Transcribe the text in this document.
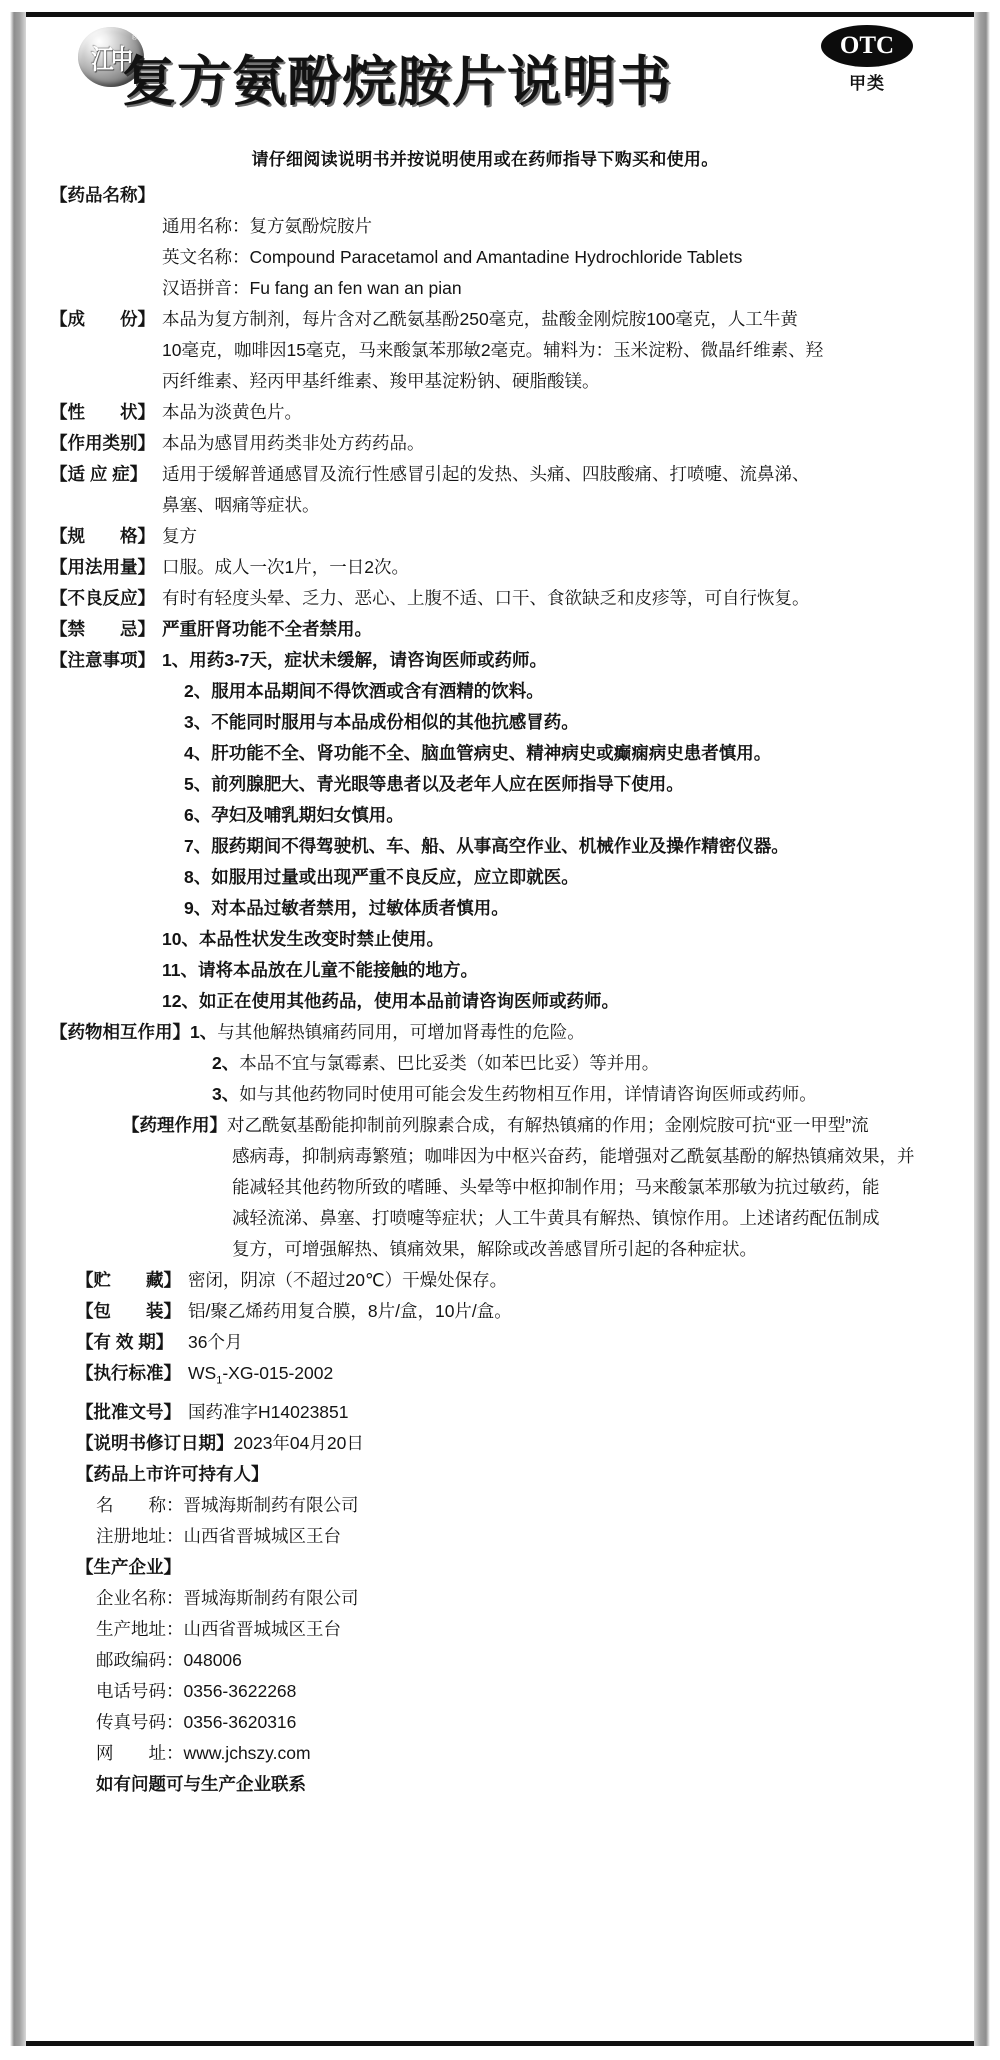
江中
®
复方氨酚烷胺片说明书
OTC
甲类
请仔细阅读说明书并按说明使用或在药师指导下购买和使用。
【药品名称】
通用名称： 复方氨酚烷胺片
英文名称： Compound Paracetamol and Amantadine Hydrochloride Tablets
汉语拼音： Fu fang an fen wan an pian
【成　　份】 本品为复方制剂，每片含对乙酰氨基酚250毫克，盐酸金刚烷胺100毫克，人工牛黄
10毫克，咖啡因15毫克，马来酸氯苯那敏2毫克。辅料为：玉米淀粉、微晶纤维素、羟
丙纤维素、羟丙甲基纤维素、羧甲基淀粉钠、硬脂酸镁。
【性　　状】 本品为淡黄色片。
【作用类别】 本品为感冒用药类非处方药药品。
【适 应 症】 适用于缓解普通感冒及流行性感冒引起的发热、头痛、四肢酸痛、打喷嚏、流鼻涕、
鼻塞、咽痛等症状。
【规　　格】 复方
【用法用量】 口服。成人一次1片，一日2次。
【不良反应】 有时有轻度头晕、乏力、恶心、上腹不适、口干、食欲缺乏和皮疹等，可自行恢复。
【禁　　忌】 严重肝肾功能不全者禁用。
【注意事项】 1、 用药3-7天，症状未缓解，请咨询医师或药师。
2、 服用本品期间不得饮酒或含有酒精的饮料。
3、 不能同时服用与本品成份相似的其他抗感冒药。
4、 肝功能不全、肾功能不全、脑血管病史、精神病史或癫痫病史患者慎用。
5、 前列腺肥大、青光眼等患者以及老年人应在医师指导下使用。
6、 孕妇及哺乳期妇女慎用。
7、 服药期间不得驾驶机、车、船、从事高空作业、机械作业及操作精密仪器。
8、 如服用过量或出现严重不良反应，应立即就医。
9、 对本品过敏者禁用，过敏体质者慎用。
10、 本品性状发生改变时禁止使用。
11、 请将本品放在儿童不能接触的地方。
12、 如正在使用其他药品，使用本品前请咨询医师或药师。
【药物相互作用】 1、 与其他解热镇痛药同用，可增加肾毒性的危险。
2、 本品不宜与氯霉素、巴比妥类（如苯巴比妥）等并用。
3、 如与其他药物同时使用可能会发生药物相互作用，详情请咨询医师或药师。
【药理作用】 对乙酰氨基酚能抑制前列腺素合成，有解热镇痛的作用；金刚烷胺可抗“亚一甲型”流
感病毒，抑制病毒繁殖；咖啡因为中枢兴奋药，能增强对乙酰氨基酚的解热镇痛效果，并
能减轻其他药物所致的嗜睡、头晕等中枢抑制作用；马来酸氯苯那敏为抗过敏药，能
减轻流涕、鼻塞、打喷嚏等症状；人工牛黄具有解热、镇惊作用。上述诸药配伍制成
复方，可增强解热、镇痛效果，解除或改善感冒所引起的各种症状。
【贮　　藏】 密闭，阴凉（不超过20℃）干燥处保存。
【包　　装】 铝/聚乙烯药用复合膜，8片/盒，10片/盒。
【有 效 期】 36个月
【执行标准】 $WS_1-XG-015-2002$
【批准文号】 国药准字H14023851
【说明书修订日期】 2023年04月20日
【药品上市许可持有人】
名　　称： 晋城海斯制药有限公司
注册地址： 山西省晋城城区王台
【生产企业】
企业名称： 晋城海斯制药有限公司
生产地址： 山西省晋城城区王台
邮政编码： 048006
电话号码： 0356-3622268
传真号码： 0356-3620316
网　　址： www.jchszy.com
如有问题可与生产企业联系
